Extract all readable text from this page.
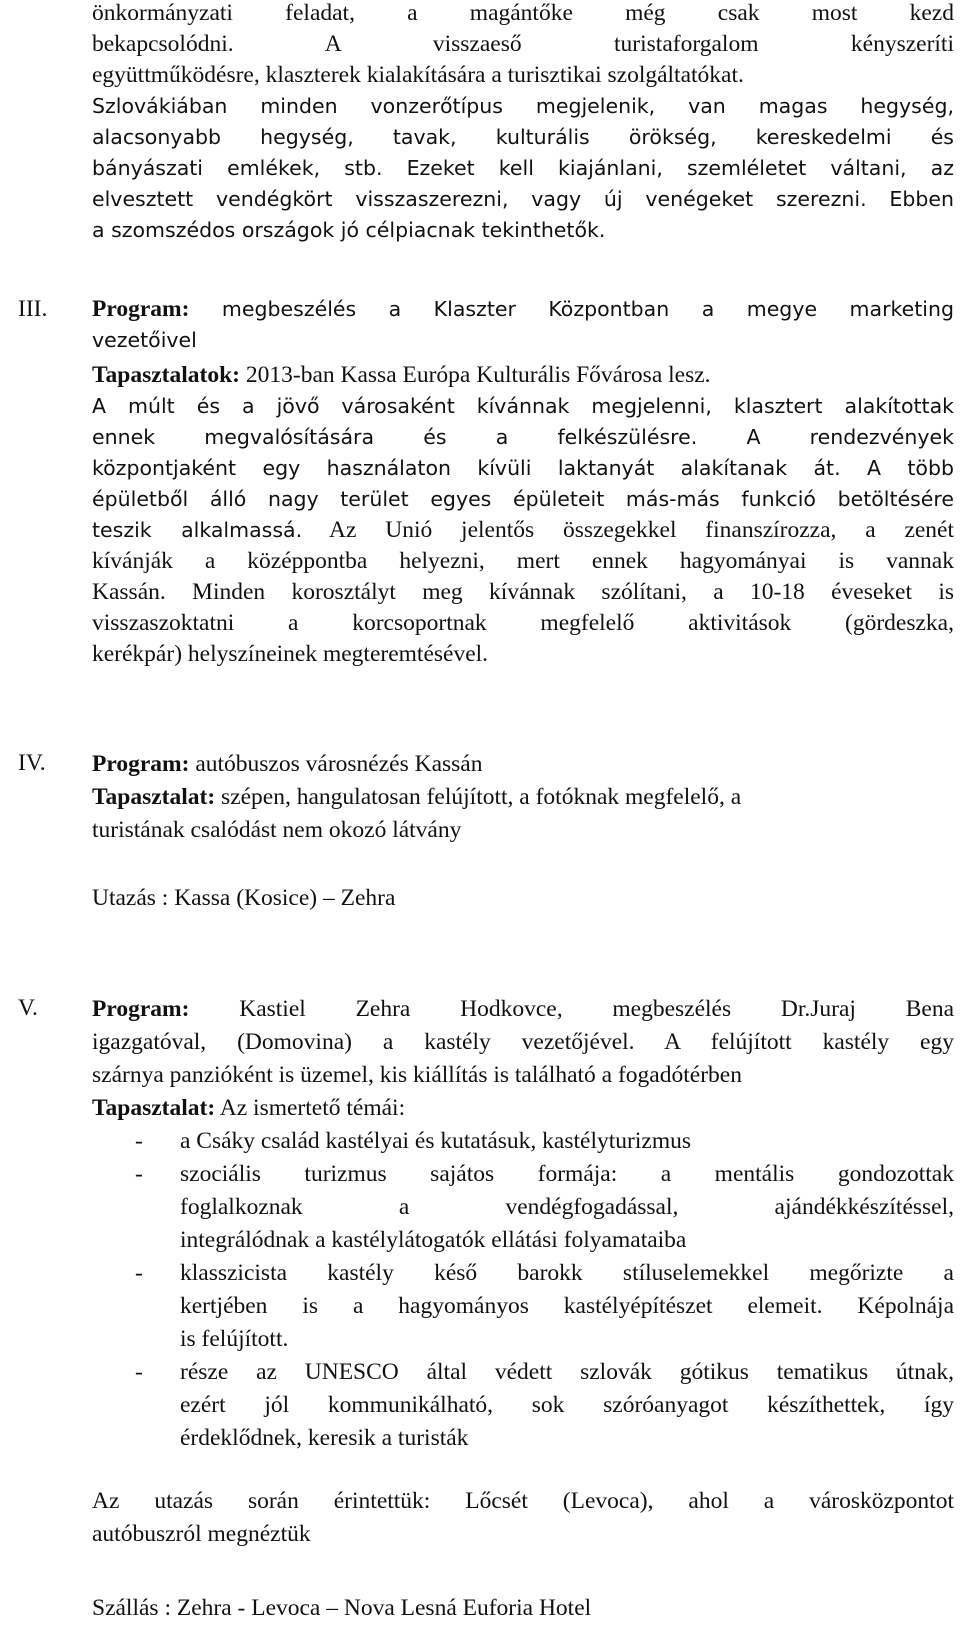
önkormányzati feladat, a magántőke még csak most kezd
bekapcsolódni. A visszaeső turistaforgalom kényszeríti
együttműködésre, klaszterek kialakítására a turisztikai szolgáltatókat.
Szlovákiában minden vonzerőtípus megjelenik, van magas hegység,
alacsonyabb hegység, tavak, kulturális örökség, kereskedelmi és
bányászati emlékek, stb. Ezeket kell kiajánlani, szemléletet váltani, az
elvesztett vendégkört visszaszerezni, vagy új venégeket szerezni. Ebben
a szomszédos országok jó célpiacnak tekinthetők.
III. Program: megbeszélés a Klaszter Központban a megye marketing
vezetőivel
Tapasztalatok: 2013-ban Kassa Európa Kulturális Fővárosa lesz.
A múlt és a jövő városaként kívánnak megjelenni, klasztert alakítottak
ennek megvalósítására és a felkészülésre. A rendezvények
központjaként egy használaton kívüli laktanyát alakítanak át. A több
épületből álló nagy terület egyes épületeit más-más funkció betöltésére
teszik alkalmassá. Az Unió jelentős összegekkel finanszírozza, a zenét
kívánják a középpontba helyezni, mert ennek hagyományai is vannak
Kassán. Minden korosztályt meg kívánnak szólítani, a 10-18 éveseket is
visszaszoktatni a korcsoportnak megfelelő aktivitások (gördeszka,
kerékpár) helyszíneinek megteremtésével.
IV. Program: autóbuszos városnézés Kassán
Tapasztalat: szépen, hangulatosan felújított, a fotóknak megfelelő, a
turistának csalódást nem okozó látvány
Utazás : Kassa (Kosice) – Zehra
V. Program: Kastiel Zehra Hodkovce, megbeszélés Dr.Juraj Bena
igazgatóval, (Domovina) a kastély vezetőjével. A felújított kastély egy
szárnya panzióként is üzemel, kis kiállítás is található a fogadótérben
Tapasztalat: Az ismertető témái:
- a Csáky család kastélyai és kutatásuk, kastélyturizmus
- szociális turizmus sajátos formája: a mentális gondozottak
foglalkoznak a vendégfogadással, ajándékkészítéssel,
integrálódnak a kastélylátogatók ellátási folyamataiba
- klasszicista kastély késő barokk stíluselemekkel megőrizte a
kertjében is a hagyományos kastélyépítészet elemeit. Képolnája
is felújított.
- része az UNESCO által védett szlovák gótikus tematikus útnak,
ezért jól kommunikálható, sok szóróanyagot készíthettek, így
érdeklődnek, keresik a turisták
Az utazás során érintettük: Lőcsét (Levoca), ahol a városközpontot
autóbuszról megnéztük
Szállás : Zehra - Levoca – Nova Lesná Euforia Hotel
